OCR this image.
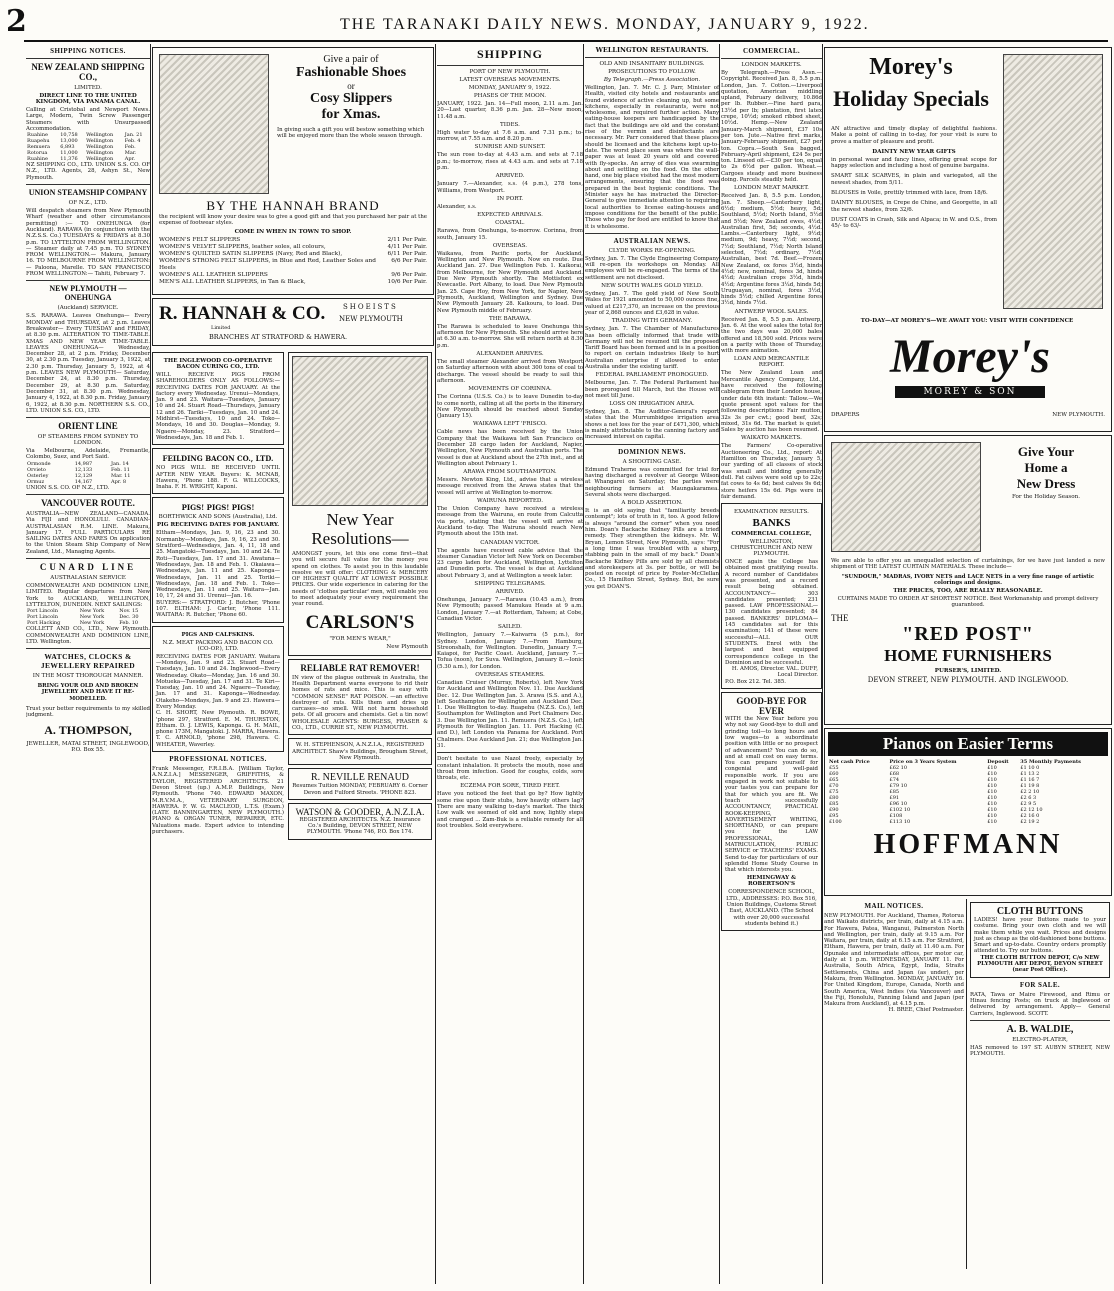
2	THE TARANAKI DAILY NEWS. MONDAY, JANUARY 9, 1922.
SHIPPING NOTICES.
NEW ZEALAND SHIPPING CO.,
LIMITED.
DIRECT LINE TO THE UNITED KINGDOM, VIA PANAMA CANAL.
Calling at Cristobal and Newport News. Large, Modern, Twin Screw Passenger Steamers with Unsurpassed Accommodation.
Ruahine	10,758	Wellington	Jan. 21
Ruapehu	13,000	Wellington	Feb. 4
Remuera	6,893	Wellington	Feb.
Rotorua	11,000	Wellington	Mar.
Ruahine	11,376	Wellington	Apr.
NZ SHIPPING CO., LTD. UNION S.S. CO. OF N.Z., LTD. Agents, 28, Ashyn St., New Plymouth.
UNION STEAMSHIP COMPANY
OF N.Z., LTD.
Will despatch steamers from New Plymouth Wharf (weather and other circumstances permitting) :— TO ONEHUNGA (for Auckland). RARAWA (in conjunction with the N.Z.S.S. Co.) TUESDAYS & FRIDAYS at 8.30 p.m. TO LYTTELTON FROM WELLINGTON.— Steamer daily at 7.45 p.m. TO SYDNEY FROM WELLINGTON.— Makura, January 16. TO MELBOURNE FROM WELLINGTON:— Paloona, Marelle. TO SAN FRANCISCO FROM WELLINGTON:— Tahiti, February 7.
NEW PLYMOUTH — ONEHUNGA
(Auckland) SERVICE.
S.S. RARAWA. Leaves Onehunga— Every MONDAY and THURSDAY, at 2 p.m. Leaves Breakwater— Every TUESDAY and FRIDAY, at 8.30 p.m. ALTERATION TO TIME-TABLE. XMAS AND NEW YEAR TIME-TABLE. LEAVES ONEHUNGA— Wednesday, December 28, at 2 p.m. Friday, December 30, at 2.30 p.m. Tuesday, January 3, 1922, at 2.30 p.m. Thursday, January 5, 1922, at 4 p.m. LEAVES NEW PLYMOUTH— Saturday, December 24, at 8.30 p.m. Thursday, December 29, at 8.30 p.m. Saturday, December 31, at 8.30 p.m. Wednesday, January 4, 1922, at 8.30 p.m. Friday, January 6, 1922, at 8.30 p.m. NORTHERN S.S. CO., LTD. UNION S.S. CO., LTD.
ORIENT LINE
OF STEAMERS FROM SYDNEY TO LONDON.
Via Melbourne, Adelaide, Fremantle, Colombo, Suez, and Port Said.
Ormonde	14,987	Jan. 14
Orvieto	12,133	Feb. 11
Osterley	12,129	Mar. 11
Ormuz	14,167	Apr. 8
UNION S.S. CO. OF N.Z., LTD.
VANCOUVER ROUTE.
AUSTRALIA—NEW ZEALAND—CANADA. Via FIJI and HONOLULU. CANADIAN-AUSTRALASIAN R.M. LINE. Makura, January 17. FULL PARTICULARS RE SAILING DATES AND FARES On application to the Union Steam Ship Company of New Zealand, Ltd., Managing Agents.
CUNARD LINE
AUSTRALASIAN SERVICE
COMMONWEALTH AND DOMINION LINE, LIMITED. Regular departures from New York to AUCKLAND, WELLINGTON, LYTTELTON, DUNEDIN. NEXT SAILINGS:
Port Lincoln	New York	Nov. 15
Port Lincoln	New York	Dec. 30
Port Hacking	New York	Feb. 10
COLLETT AND CO., LTD., New Plymouth. COMMONWEALTH AND DOMINION LINE, LTD. Wellington.
WATCHES, CLOCKS & JEWELLERY REPAIRED
IN THE MOST THOROUGH MANNER.
BRING YOUR OLD AND BROKEN JEWELLERY AND HAVE IT RE-MODELLED.
Trust your better requirements to my skilled judgment.
A. THOMPSON,
JEWELLER, MATAI STREET, INGLEWOOD, P.O. Box 55.
Give a pair of
Fashionable Shoes
or
Cosy Slippers
for Xmas.
In giving such a gift you will bestow something which will be enjoyed more than the whole season through.
BY THE HANNAH BRAND
the recipient will know your desire was to give a good gift and that you purchased her pair at the expense of footwear styles.
COME IN WHEN IN TOWN TO SHOP.
WOMEN'S FELT SLIPPERS	2/11 Per Pair.
WOMEN'S VELVET SLIPPERS, leather soles, all colours,	4/11 Per Pair.
WOMEN'S QUILTED SATIN SLIPPERS (Navy, Red and Black),	6/11 Per Pair.
WOMEN'S STRONG FELT SLIPPERS, in Blue and Red, Leather Soles and Heels
6/6 Per Pair.
WOMEN'S ALL LEATHER SLIPPERS	9/6 Per Pair.
MEN'S ALL LEATHER SLIPPERS, in Tan & Black,	10/6 Per Pair.
R. HANNAH & CO.
Limited
SHOEISTS
NEW PLYMOUTH
BRANCHES AT STRATFORD & HAWERA.
THE INGLEWOOD CO-OPERATIVE BACON CURING CO., LTD.
WILL RECEIVE PIGS FROM SHAREHOLDERS ONLY AS FOLLOWS:— RECEIVING DATES FOR JANUARY. At the factory every Wednesday. Urenui—Mondays, Jan. 9 and 23. Waitara—Tuesdays, January 10 and 24. Stuart Road—Thursdays, January 12 and 26. Tariki—Tuesdays, Jan. 10 and 24. Midhirst—Tuesdays, 10 and 24. Toko—Mondays, 16 and 30. Douglas—Monday, 9. Ngaere—Monday, 23. Stratford—Wednesdays, Jan. 18 and Feb. 1.
FEILDING BACON CO., LTD.
NO PIGS WILL BE RECEIVED UNTIL AFTER NEW YEAR. Buyers: K. MCNAB, Hawera, 'Phone 188. F. G. WILLCOCKS, Inaha. F. H. WRIGHT, Kaponi.
PIGS! PIGS! PIGS!
BORTHWICK AND SONS (Australia), Ltd.
PIG RECEIVING DATES FOR JANUARY.
Eltham—Mondays, Jan. 9, 16, 23 and 30. Normanby—Mondays, Jan. 9, 16, 23 and 30. Stratford—Wednesdays, Jan. 4, 11, 18 and 25. Mangatoki—Tuesdays, Jan. 10 and 24. Te Roti—Tuesdays, Jan. 17 and 31. Awatuna—Wednesdays, Jan. 18 and Feb. 1. Okaiawa—Wednesdays, Jan. 11 and 25. Kaponga—Wednesdays, Jan. 11 and 25. Toriki—Wednesdays, Jan. 18 and Feb. 1. Toko—Wednesdays, Jan. 11 and 25. Waitara—Jan. 10, 17, 24 and 31. Urenui—Jan. 16.
BUYERS:— STRATFORD: J. Butcher, 'Phone 107. ELTHAM: J. Carter, 'Phone 111. WAITARA: R. Butcher, 'Phone 60.
PIGS AND CALFSKINS.
N.Z. MEAT PACKING AND BACON CO. (CO-OP.), LTD.
RECEIVING DATES FOR JANUARY. Waitara—Mondays, Jan. 9 and 23. Stuart Road—Tuesdays, Jan. 10 and 24. Inglewood—Every Wednesday. Okato—Monday, Jan. 16 and 30. Motueka—Tuesday, Jan. 17 and 31. Te Kiri—Tuesday, Jan. 10 and 24. Ngaere—Tuesday, Jan. 17 and 31. Kaponga—Wednesday. Otakeho—Mondays, Jan. 9 and 23. Hawera—Every Monday.
C. H. SHORT, New Plymouth. R. BOWE, 'phone 297, Stratford. E. M. THURSTON, Eltham. D. J. LEWIS, Kaponga. G. H. MAIL, phone 173M, Mangatoki. J. MARRA, Hawera. T. C. ARNOLD, 'phone 298, Hawera. C. WHEATER, Waverley.
PROFESSIONAL NOTICES.
Frank Messenger, F.R.I.B.A. [William Taylor, A.N.Z.I.A.] MESSENGER, GRIFFITHS, & TAYLOR, REGISTERED ARCHITECTS. 21 Devon Street (up.) A.M.P. Buildings, New Plymouth. 'Phone 740. EDWARD MAXON, M.R.V.M.A., VETERINARY SURGEON, HAWERA. F. W. G. MACLEOD, L.T.S. (Exam.) (LATE BANNINGARTEN, NEW PLYMOUTH.) PIANO & ORGAN TUNER, REPAIRER, ETC. Valuations made. Expert advice to intending purchasers.
New Year Resolutions—
AMONGST yours, let this one come first—that you will secure full value for the money you spend on clothes. To assist you in this laudable resolve we will offer: CLOTHING & MERCERY OF HIGHEST QUALITY AT LOWEST POSSIBLE PRICES. Our wide experience in catering for the needs of 'clothes particular' men, will enable you to meet adequately your every requirement the year round.
CARLSON'S
"FOR MEN'S WEAR,"
New Plymouth
RELIABLE RAT REMOVER!
IN view of the plague outbreak in Australia, the Health Department warns everyone to rid their homes of rats and mice. This is easy with "COMMON SENSE" RAT POISON. —an effective destroyer of rats. Kills them and dries up carcases—no smell. Will not harm household pets. Of all grocers and chemists. Get a tin now! WHOLESALE AGENTS: BURGESS, FRASER & CO., LTD., CURRIE ST., NEW PLYMOUTH.
W. H. STEPHENSON, A.N.Z.I.A., REGISTERED ARCHITECT. Shaw's Buildings, Brougham Street, New Plymouth.
R. NEVILLE RENAUD
Resumes Tuition MONDAY, FEBRUARY 6. Corner Devon and Fulford Streets. 'PHONE 823.
WATSON & GOODER, A.N.Z.I.A.
REGISTERED ARCHITECTS. N.Z. Insurance Co.'s Building, DEVON STREET, NEW PLYMOUTH. 'Phone 746, P.O. Box 174.
SHIPPING
PORT OF NEW PLYMOUTH.
LATEST OVERSEAS MOVEMENTS.
MONDAY, JANUARY 9, 1922.
PHASES OF THE MOON.
JANUARY, 1922. Jan. 14—Full moon, 2.11 a.m. Jan. 20—Last quarter, 8.36 p.m. Jan. 28—New moon, 11.48 a.m.
TIDES.
High water to-day at 7.6 a.m. and 7.31 p.m.; to-morrow, at 7.55 a.m. and 8.20 p.m.
SUNRISE AND SUNSET.
The sun rose to-day at 4.43 a.m. and sets at 7.18 p.m.; to-morrow, rises at 4.43 a.m. and sets at 7.18 p.m.
ARRIVED.
January 7.—Alexander, s.s. (4 p.m.), 278 tons, Williams, from Westport.
IN PORT.
Alexander, s.s.
EXPECTED ARRIVALS.
COASTAL.
Rarawa, from Onehunga, to-morrow. Corinna, from south, January 15.
OVERSEAS.
Waikawa, from Pacific ports, for Auckland, Wellington and New Plymouth. Now en route. Due Auckland Jan. 27. Due Wellington Feb. 1. Kaikorai, from Melbourne, for New Plymouth and Auckland. Due New Plymouth shortly. The Mottisfont ex Newcastle. Port Albany, to load. Due New Plymouth Jan. 25. Cape Hoy, from New York, for Napier, New Plymouth, Auckland, Wellington and Sydney. Due New Plymouth January 28. Kaikoura, to load. Due New Plymouth middle of February.
THE BARAWA.
The Rarawa is scheduled to leave Onehunga this afternoon for New Plymouth. She should arrive here at 6.30 a.m. to-morrow. She will return north at 8.30 p.m.
ALEXANDER ARRIVES.
The small steamer Alexander arrived from Westport on Saturday afternoon with about 300 tons of coal to discharge. The vessel should be ready to sail this afternoon.
MOVEMENTS OF CORINNA.
The Corinna (U.S.S. Co.) is to leave Dunedin to-day to come north, calling at all the ports in the itinerary. New Plymouth should be reached about Sunday (January 15).
WAIKAWA LEFT 'FRISCO.
Cable news has been received by the Union Company that the Waikawa left San Francisco on December 28 cargo laden for Auckland, Napier, Wellington, New Plymouth and Australian ports. The vessel is due at Auckland about the 27th inst., and at Wellington about February 1.
ARAWA FROM SOUTHAMPTON.
Messrs. Newton King, Ltd., advise that a wireless message received from the Arawa states that the vessel will arrive at Wellington to-morrow.
WAIRUNA REPORTED.
The Union Company have received a wireless message from the Wairuna, en route from Calcutta via ports, stating that the vessel will arrive at Auckland to-day. The Wairuna should reach New Plymouth about the 15th inst.
CANADIAN VICTOR.
The agents have received cable advice that the steamer Canadian Victor left New York on December 23 cargo laden for Auckland, Wellington, Lyttelton and Dunedin ports. The vessel is due at Auckland about February 3, and at Wellington a week later.
SHIPPING TELEGRAMS.
ARRIVED.
Onehunga, January 7.—Rarawa (10.45 a.m.), from New Plymouth; passed Manukau Heads at 9 a.m. London, January 7.—at Rotterdam, Tahsen; at Cobe, Canadian Victor.
SAILED.
Wellington, January 7.—Kaiwarra (5 p.m.), for Sydney. London, January 7.—From Hamburg, Streonshalh, for Wellington. Dunedin, January 7.—Kaiapoi, for Pacific Coast. Auckland, January 7.—Tofua (noon), for Suva. Wellington, January 8.—Ionic (5.30 a.m.), for London.
OVERSEAS STEAMERS.
Canadian Cruiser (Murray, Roberts), left New York for Auckland and Wellington Nov. 11. Due Auckland Dec. 12. Due Wellington Jan. 3. Arawa (S.S. and A.), left Southampton for Wellington and Auckland Dec. 1. Due Wellington to-day. Ruapehu (N.Z.S. Co.), left Southampton for Wellington and Port Chalmers Dec. 3. Due Wellington Jan. 11. Remuera (N.Z.S. Co.), left Plymouth for Wellington Jan. 11. Port Hacking (C. and D.), left London via Panama for Auckland. Port Chalmers. Due Auckland Jan. 21; due Wellington Jan. 31.
Don't hesitate to use Nazol freely, especially by constant inhalation. It protects the mouth, nose and throat from infection. Good for coughs, colds, sore throats, etc.
ECZEMA FOR SORE, TIRED FEET.
Have you noticed the feet that go by? How lightly some rise upon their stubs, how heavily others lag? There are many walking to-day's market. The thick Low walk we seemed of old and now, lightly steps and cramped ... Zam-Buk is a reliable remedy for all foot troubles. Sold everywhere.
WELLINGTON RESTAURANTS.
OLD AND INSANITARY BUILDINGS.
PROSECUTIONS TO FOLLOW.
By Telegraph.—Press Association.
Wellington, Jan. 7. Mr. C. J. Parr, Minister of Health, visited city hotels and restaurants and found evidence of active cleaning up, but some kitchens, especially in restaurants, were not wholesome, and required further action. Many eating-house keepers are handicapped by the fact that the buildings are old and the constant rise of the vermin and disinfectants are necessary. Mr. Parr considered that these places should be licensed and the kitchens kept up-to-date. The worst place seen was where the wall-paper was at least 20 years old and covered with fly-specks. An array of dies was swarming about and settling on the food. On the other hand, one big place visited had the most modern arrangements, ensuring that the food was prepared in the best hygienic conditions. The Minister says he has instructed the Director-General to give immediate attention to requiring local authorities to license eating-houses and impose conditions for the benefit of the public. Those who pay for food are entitled to know that it is wholesome.
AUSTRALIAN NEWS.
CLYDE WORKS RE-OPENING.
Sydney, Jan. 7. The Clyde Engineering Company will re-open its workshops on Monday. All employees will be re-engaged. The terms of the settlement are not disclosed.
NEW SOUTH WALES GOLD YIELD.
Sydney, Jan. 7. The gold yield of New South Wales for 1921 amounted to 50,000 ounces fine, valued at £217,370, an increase on the previous year of 2,868 ounces and £3,628 in value.
TRADING WITH GERMANY.
Sydney, Jan. 7. The Chamber of Manufactures has been officially informed that trade with Germany will not be resumed till the proposed Tariff Board has been formed and is in a position to report on certain industries likely to hurt Australian enterprise if allowed to enter Australia under the existing tariff.
FEDERAL PARLIAMENT PROROGUED.
Melbourne, Jan. 7. The Federal Parliament has been prorogued till March, but the House will not meet till June.
LOSS ON IRRIGATION AREA.
Sydney, Jan. 8. The Auditor-General's report states that the Murrumbidgee irrigation area shows a net loss for the year of £471,300, which is mainly attributable to the canning factory and increased interest on capital.
DOMINION NEWS.
A SHOOTING CASE.
Edmund Traherne was committed for trial for having discharged a revolver at George Wilson at Whangarei on Saturday; the parties were neighbouring farmers at Maungakaramea. Several shots were discharged.
A BOLD ASSERTION.
It is an old saying that "familiarity breeds contempt"; lots of truth in it, too. A good fellow is always "around the corner" when you need him. Doan's Backache Kidney Pills are a tried remedy. They strengthen the kidneys. Mr. W. Bryan, Lemon Street, New Plymouth, says: "For a long time I was troubled with a sharp, stabbing pain in the small of my back." Doan's Backache Kidney Pills are sold by all chemists and storekeepers at 3s. per bottle, or will be posted on receipt of price by Foster-McClellan Co., 15 Hamilton Street, Sydney. But, be sure you get DOAN'S.
COMMERCIAL.
LONDON MARKETS.
By Telegraph.—Press Assn.—Copyright. Received Jan. 8, 5.5 p.m. London, Jan. 7. Cotton.—Liverpool quotation, American middling upland, February delivery, 10.86d per lb. Rubber.—Fine hard para, 13½d per lb; plantation, first latex crepe, 10½d; smoked ribbed sheet, 10½d. Hemp.—New Zealand January-March shipment, £37 10s per ton. Jute.—Native first marks, January-February shipment, £27 per ton. Copra.—South Sea bagged, February-April shipment, £24 5s per ton. Linseed oil.—£30 per ton, equal to 2s 6½d per gallon. Wheat.—Cargoes steady and more business doing. Parcels steadily held.
LONDON MEAT MARKET.
Received Jan. 8, 5.5 p.m. London, Jan. 7. Sheep.—Canterbury light, 6½d; medium, 5½d; heavy, 5d; Southland, 5½d; North Island, 5½d and 5½d; New Zealand ewes, 4½d; Australian first, 5d; seconds, 4½d. Lambs.—Canterbury light, 9½d; medium, 9d; heavy, 7½d; second, 7½d; Southland, 7½d; North Island selected, 7½d; ordinary, 7½d; Australian, best 7d. Beef.—Frozen New Zealand, ox fores 3½d, hinds 4½d; new, nominal, fores 3d, hinds 4½d; Australian crops 3½d, hinds 4½d; Argentine fores 3¼d, hinds 5d; Uruguayan, nominal, fores 3½d, hinds 5½d; chilled Argentine fores 3½d, hinds 7½d.
ANTWERP WOOL SALES.
Received Jan. 8, 5.5 p.m. Antwerp, Jan. 6. At the wool sales the total for the two days was 20,000 bales offered and 18,500 sold. Prices were on a parity with those of Thursday, with more animation.
LOAN AND MERCANTILE REPORT.
The New Zealand Loan and Mercantile Agency Company, Ltd., have received the following cablegram from their London house, under date 6th instant: Tallow.—We quote present spot values for the following descriptions: Fair mutton, 32s 3s per cwt.; good beef, 32s; mixed, 31s 6d. The market is quiet. Sales by auction has been resumed.
WAIKATO MARKETS.
The Farmers' Co-operative Auctioneering Co., Ltd., report: At Hamilton on Thursday, January 5, our yarding of all classes of stock was small and bidding generally dull. Fat calves were sold up to 22s; fat cows to 4s 6d; best calves 9s 6d; store heifers 15s 6d. Pigs were in fair demand.
EXAMINATION RESULTS.
BANKS
COMMERCIAL COLLEGE,
WELLINGTON, CHRISTCHURCH AND NEW PLYMOUTH.
ONCE again the College has obtained most gratifying results. A record number of Candidates was presented, and a record result being obtained. ACCOUNTANCY— 303 candidates presented; 231 passed. LAW PROFESSIONAL— 130 candidates presented; 84 passed. BANKERS' DIPLOMA— 145 candidates sat for this examination; 141 of these were successful—ALL OUR STUDENTS. Enrol with the largest and best equipped correspondence college in the Dominion and be successful.
H. AMOS, Director. VAL. DUFF, Local Director.
P.O. Box 212. Tel. 385.
GOOD-BYE FOR EVER
WITH the New Year before you why not say Good-bye to dull and grinding toil—to long hours and low wages—to a subordinate position with little or no prospect of advancement? You can do so, and at small cost on easy terms. You can prepare yourself for congenial and well-paid responsible work. If you are engaged in work not suitable to your tastes you can prepare for that for which you are fit. We teach successfully ACCOUNTANCY, PRACTICAL BOOK-KEEPING, ADVERTISEMENT WRITING, SHORTHAND, or can prepare you for the LAW PROFESSIONAL, MATRICULATION, PUBLIC SERVICE or TEACHERS' EXAMS. Send to-day for particulars of our splendid Home Study Course in that which interests you.
HEMINGWAY & ROBERTSON'S
CORRESPONDENCE SCHOOL, LTD., ADDRESSES: P.O. Box 516, Union Buildings, Customs Street East, AUCKLAND. (The School with over 20,000 successful students behind it.)
Morey's
Holiday Specials
AN attractive and timely display of delightful fashions. Make a point of calling in to-day, for your visit is sure to prove a matter of pleasure and profit.
DAINTY NEW YEAR GIFTS
in personal wear and fancy lines, offering great scope for happy selection and including a host of genuine bargains.
SMART SILK SCARVES, in plain and variegated, all the newest shades, from 5/11.
BLOUSES in Voile, prettily trimmed with lace, from 18/6.
DAINTY BLOUSES, in Crepe de Chine, and Georgette, in all the newest shades, from 32/6.
DUST COATS in Crash, Silk and Alpaca; in W. and O.S., from 45/- to 63/-
TO-DAY—AT MOREY'S—WE AWAIT YOU: VISIT WITH CONFIDENCE
Morey's
MOREY & SON
DRAPERS	NEW PLYMOUTH.
Give Your
Home a
New Dress
For the Holiday Season.
We are able to offer you an unequalled selection of curtainings, for we have just landed a new shipment of THE LATEST CURTAIN MATERIALS. These include—
"SUNDOUR," MADRAS, IVORY NETS and LACE NETS in a very fine range of artistic colorings and designs.
THE PRICES, TOO, ARE REALLY REASONABLE.
CURTAINS MADE TO ORDER AT SHORTEST NOTICE. Best Workmanship and prompt delivery guaranteed.
THE
"RED POST"
HOME FURNISHERS
PURSER'S, LIMITED.
DEVON STREET, NEW PLYMOUTH. AND INGLEWOOD.
Pianos on Easier Terms
Net cash Price	Price on 3 Years System	Deposit	35 Monthly Payments
£55	£62 10	£10	£1 10 0
£60	£68	£10	£1 13 2
£65	£74	£10	£1 16 7
£70	£79 10	£10	£1 19 8
£75	£85	£10	£2 2 10
£80	£91	£10	£2 6 3
£85	£96 10	£10	£2 9 5
£90	£102 10	£10	£2 12 10
£95	£108	£10	£2 16 0
£100	£113 10	£10	£2 19 2
HOFFMANN
MAIL NOTICES.
NEW PLYMOUTH. For Auckland, Thames, Rotorua and Waikato districts, per train, daily at 4.15 a.m. For Hawera, Patea, Wanganui, Palmerston North and Wellington, per train, daily at 9.15 a.m. For Waitara, per train, daily at 6.15 a.m. For Stratford, Eltham, Hawera, per train, daily at 11.40 a.m. For Opunake and intermediate offices, per motor car, daily at 1 p.m. WEDNESDAY, JANUARY 11. For Australia, South Africa, Egypt, India, Straits Settlements, China and Japan (as under), per Makura, from Wellington. MONDAY, JANUARY 16. For United Kingdom, Europe, Canada, North and South America, West Indies (via Vancouver) and the Fiji, Honolulu, Fanning Island and Japan (per Makura from Auckland), at 4.15 p.m.
H. BREE, Chief Postmaster.
CLOTH BUTTONS
LADIES! have your Buttons made to your costume. Bring your own cloth and we will make them while you wait. Prices and designs just as cheap as the old-fashioned bone buttons. Smart and up-to-date. Country orders promptly attended to. Try our buttons.
THE CLOTH BUTTON DEPOT, C/o NEW PLYMOUTH ART DEPOT, DEVON STREET (near Post Office).
FOR SALE.
RATA, Tawa or Maire Firewood, and Rimu or Hinau fencing Posts; on truck at Inglewood or delivered by arrangement. Apply— General Carriers, Inglewood. SCOTT.
A. B. WALDIE,
ELECTRO-PLATER,
HAS removed to 197 ST. AUBYN STREET, NEW PLYMOUTH.
